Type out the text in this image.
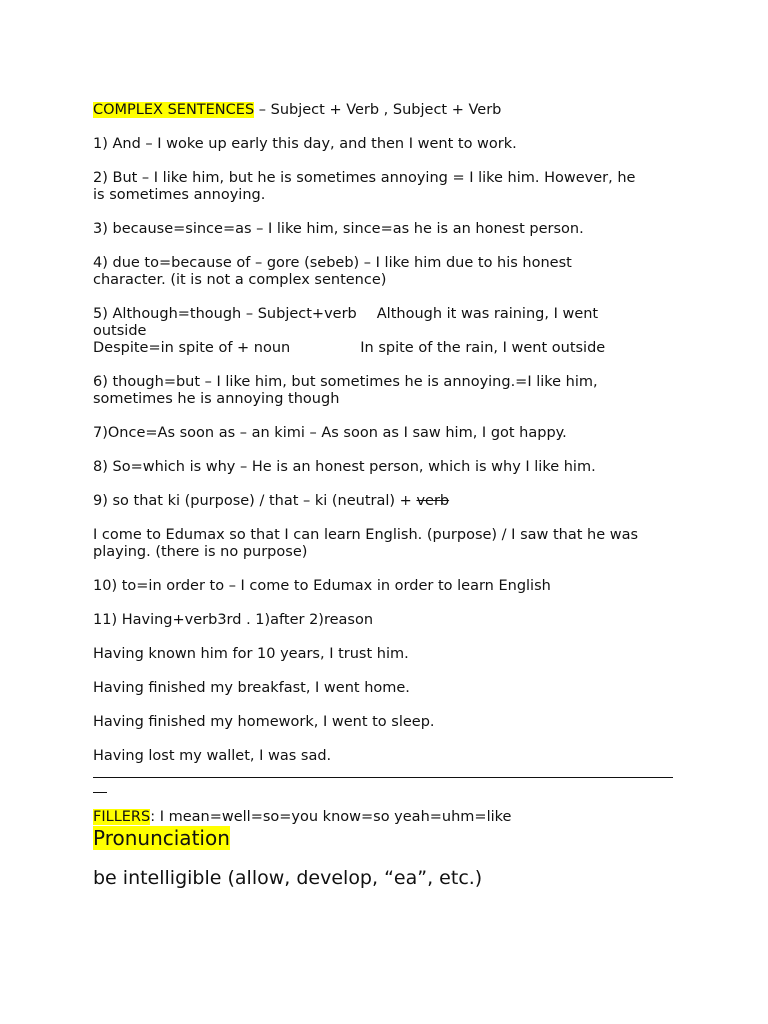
COMPLEX SENTENCES – Subject + Verb , Subject + Verb

1) And – I woke up early this day, and then I went to work.

2) But – I like him, but he is sometimes annoying = I like him. However, he
is sometimes annoying.

3) because=since=as – I like him, since=as he is an honest person.

4) due to=because of – gore (sebeb) – I like him due to his honest
character. (it is not a complex sentence)

5) Although=though – Subject+verb Although it was raining, I went
outside
Despite=in spite of + noun	In spite of the rain, I went outside

6) though=but – I like him, but sometimes he is annoying.=I like him,
sometimes he is annoying though

7)Once=As soon as – an kimi – As soon as I saw him, I got happy.

8) So=which is why – He is an honest person, which is why I like him.

9) so that ki (purpose) / that – ki (neutral) + verb

I come to Edumax so that I can learn English. (purpose) / I saw that he was
playing. (there is no purpose)

10) to=in order to – I come to Edumax in order to learn English

11) Having+verb3rd . 1)after 2)reason

Having known him for 10 years, I trust him.

Having finished my breakfast, I went home.

Having finished my homework, I went to sleep.

Having lost my wallet, I was sad.

FILLERS: I mean=well=so=you know=so yeah=uhm=like

Pronunciation

be intelligible (allow, develop, “ea”, etc.)
